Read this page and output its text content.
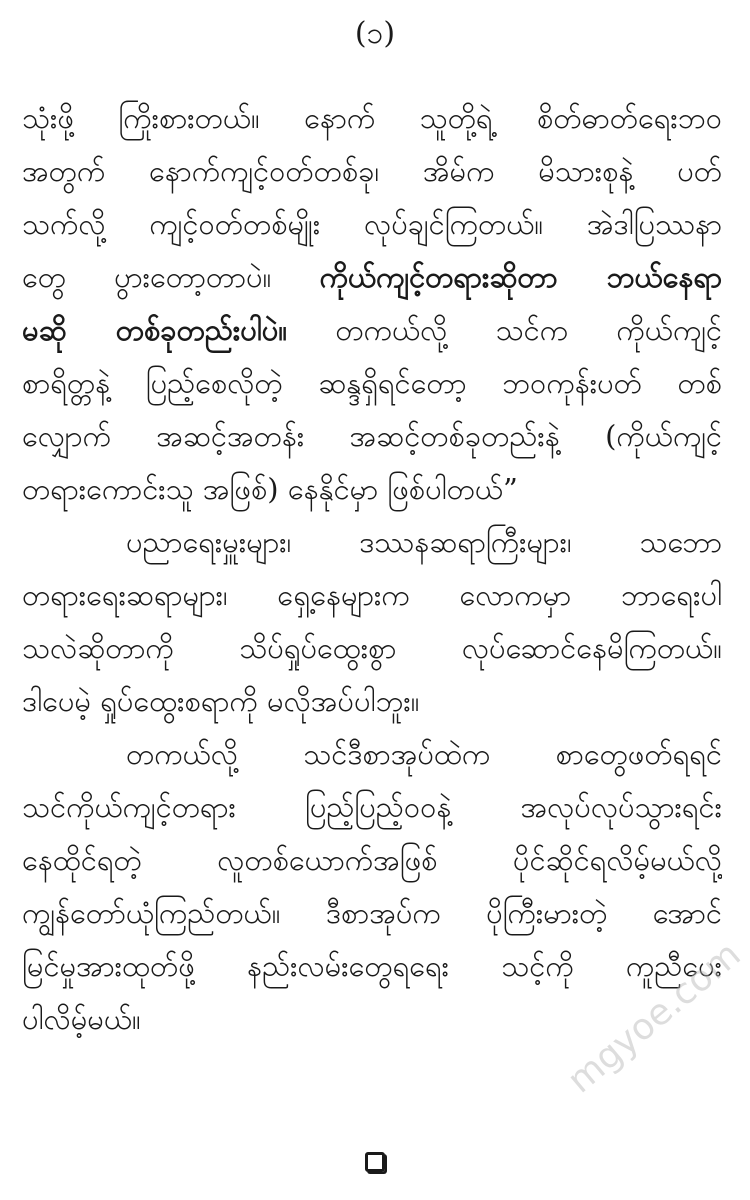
(၁)
သုံးဖို့ ကြိုးစားတယ်။ နောက် သူတို့ရဲ့ စိတ်ဓာတ်ရေးဘဝ
အတွက် နောက်ကျင့်ဝတ်တစ်ခု၊ အိမ်က မိသားစုနဲ့ ပတ်
သက်လို့ ကျင့်ဝတ်တစ်မျိုး လုပ်ချင်ကြတယ်။ အဲဒါပြဿနာ
တွေ ပွားတော့တာပဲ။ ကိုယ်ကျင့်တရားဆိုတာ ဘယ်နေရာ
မဆို တစ်ခုတည်းပါပဲ။ တကယ်လို့ သင်က ကိုယ်ကျင့်
စာရိတ္တနဲ့ ပြည့်စေလိုတဲ့ ဆန္ဒရှိရင်တော့ ဘဝကုန်းပတ် တစ်
လျှောက် အဆင့်အတန်း အဆင့်တစ်ခုတည်းနဲ့ (ကိုယ်ကျင့်
တရားကောင်းသူ အဖြစ်) နေနိုင်မှာ ဖြစ်ပါတယ်”
ပညာရေးမှူးများ၊ ဒဿနဆရာကြီးများ၊ သဘော
တရားရေးဆရာများ၊ ရှေ့နေများက လောကမှာ ဘာရေးပါ
သလဲဆိုတာကို သိပ်ရှုပ်ထွေးစွာ လုပ်ဆောင်နေမိကြတယ်။
ဒါပေမဲ့ ရှုပ်ထွေးစရာကို မလိုအပ်ပါဘူး။
တကယ်လို့ သင်ဒီစာအုပ်ထဲက စာတွေဖတ်ရရင်
သင်ကိုယ်ကျင့်တရား ပြည့်ပြည့်ဝဝနဲ့ အလုပ်လုပ်သွားရင်း
နေထိုင်ရတဲ့ လူတစ်ယောက်အဖြစ် ပိုင်ဆိုင်ရလိမ့်မယ်လို့
ကျွန်တော်ယုံကြည်တယ်။ ဒီစာအုပ်က ပိုကြီးမားတဲ့ အောင်
မြင်မှုအားထုတ်ဖို့ နည်းလမ်းတွေရရေး သင့်ကို ကူညီပေး
ပါလိမ့်မယ်။	mgyoe.com
